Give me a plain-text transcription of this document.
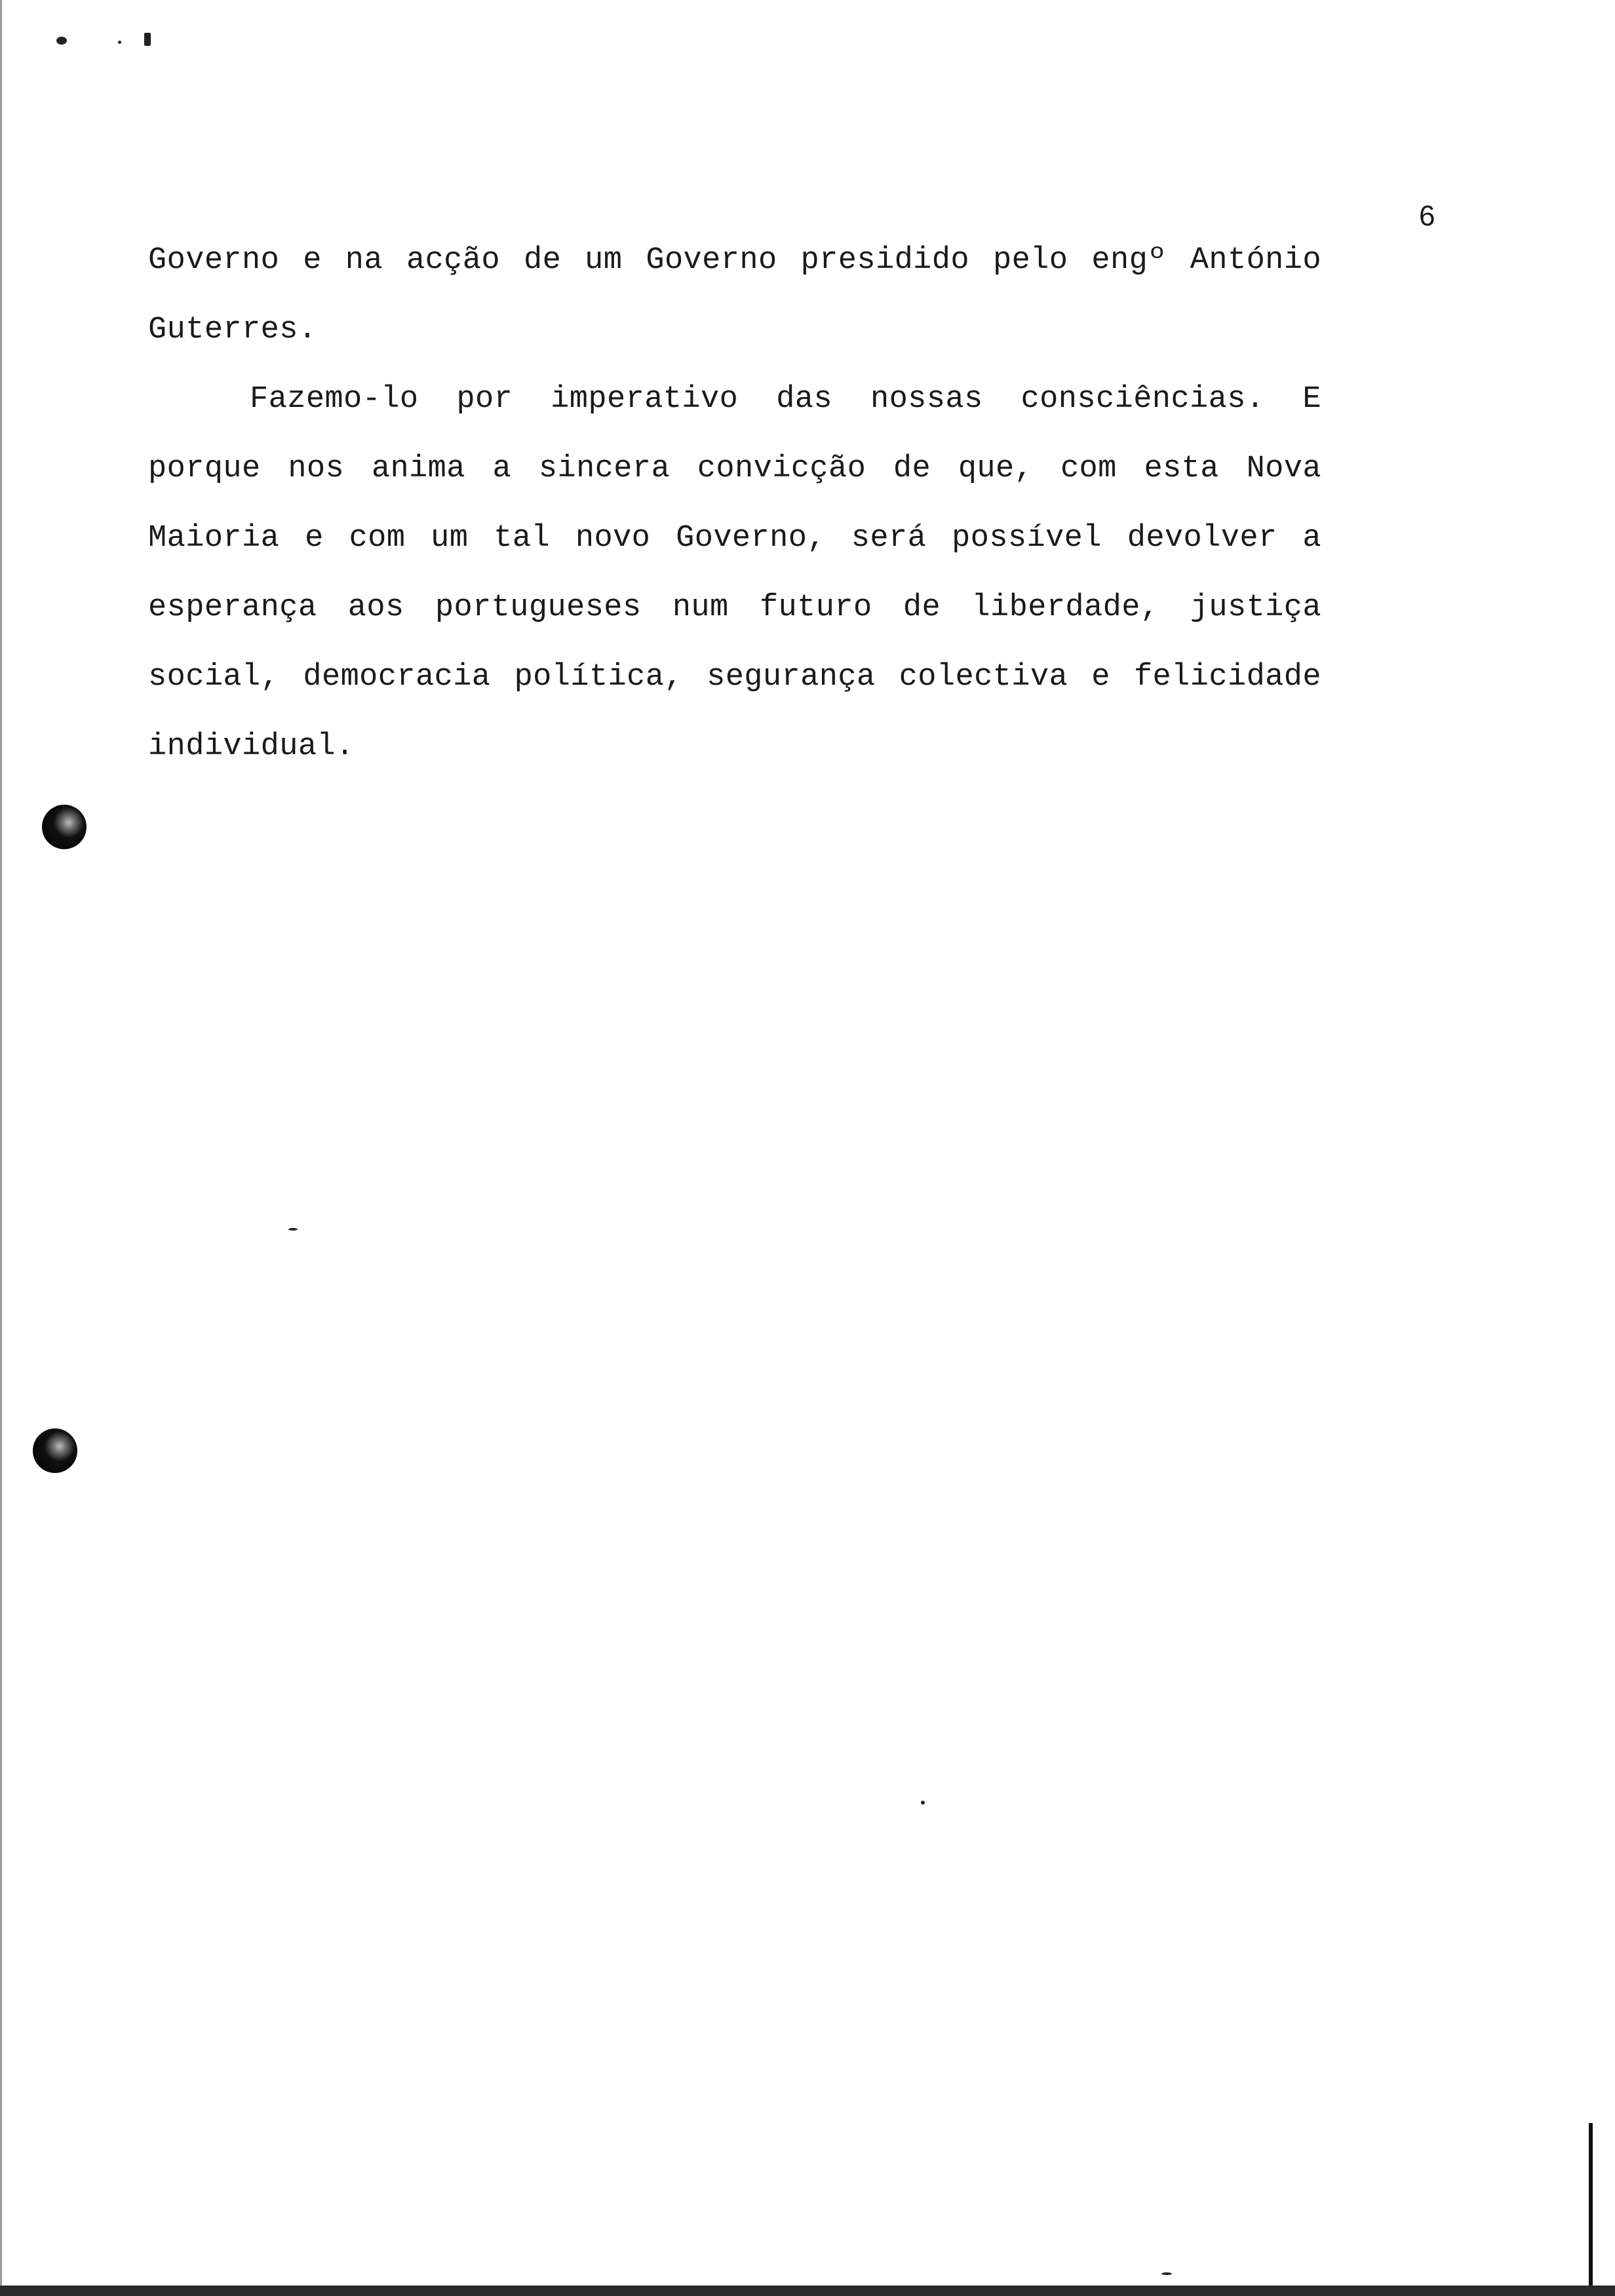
6

Governo e na acção de um Governo presidido pelo engº António Guterres.

Fazemo-lo por imperativo das nossas consciências. E porque nos anima a sincera convicção de que, com esta Nova Maioria e com um tal novo Governo, será possível devolver a esperança aos portugueses num futuro de liberdade, justiça social, democracia política, segurança colectiva e felicidade individual.
